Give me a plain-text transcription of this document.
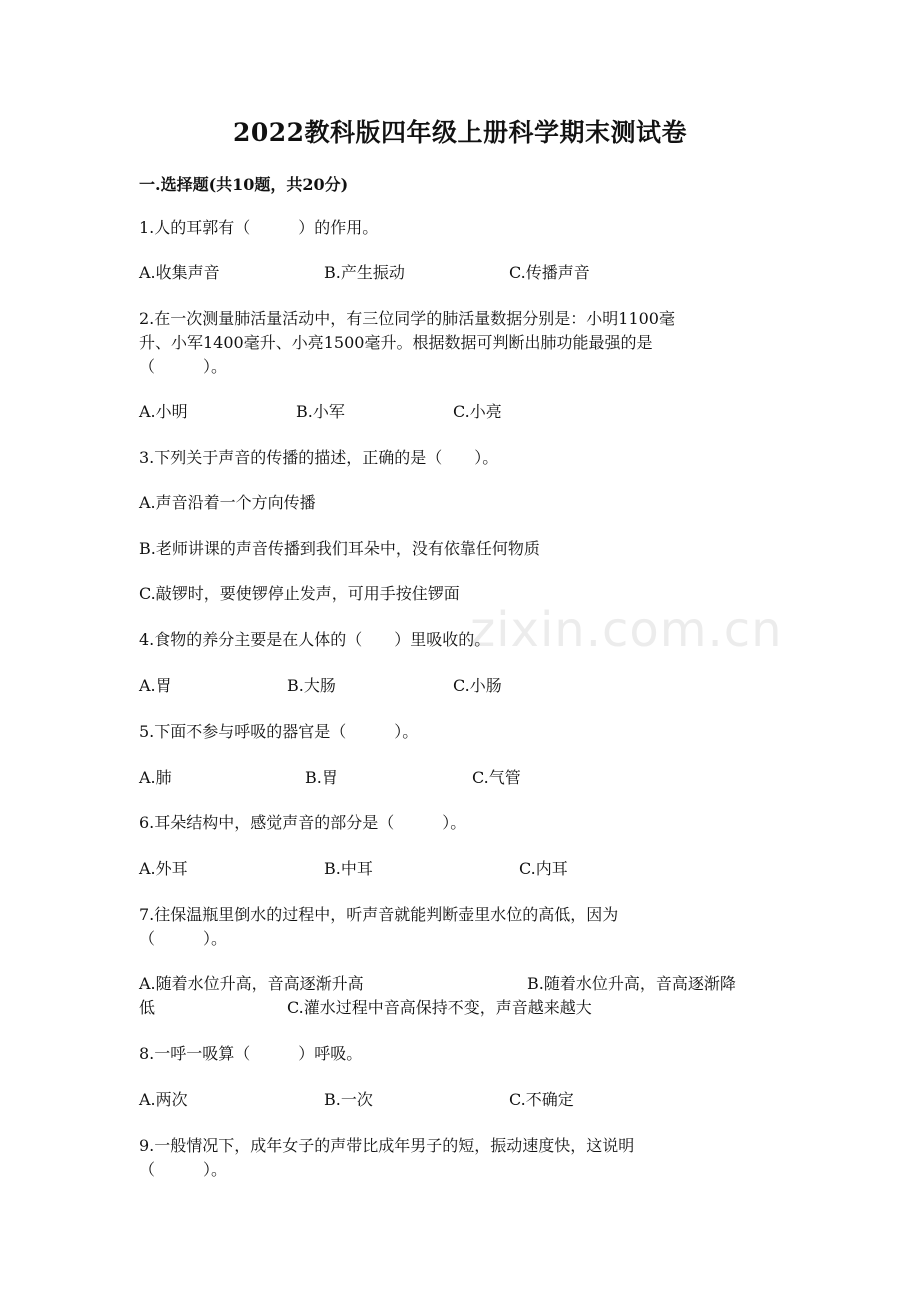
2022教科版四年级上册科学期末测试卷
一.选择题(共10题，共20分)
zixin.com.cn
1.人的耳郭有（　　　）的作用。
A.收集声音	B.产生振动	C.传播声音
2.在一次测量肺活量活动中，有三位同学的肺活量数据分别是：小明1100毫
升、小军1400毫升、小亮1500毫升。根据数据可判断出肺功能最强的是
（　　　）。
A.小明	B.小军	C.小亮
3.下列关于声音的传播的描述，正确的是（　　）。
A.声音沿着一个方向传播
B.老师讲课的声音传播到我们耳朵中，没有依靠任何物质
C.敲锣时，要使锣停止发声，可用手按住锣面
4.食物的养分主要是在人体的（　　）里吸收的。
A.胃	B.大肠	C.小肠
5.下面不参与呼吸的器官是（　　　）。
A.肺	B.胃	C.气管
6.耳朵结构中，感觉声音的部分是（　　　）。
A.外耳	B.中耳	C.内耳
7.往保温瓶里倒水的过程中，听声音就能判断壶里水位的高低，因为
（　　　）。
A.随着水位升高，音高逐渐升高	B.随着水位升高，音高逐渐降
低	C.灌水过程中音高保持不变，声音越来越大
8.一呼一吸算（　　　）呼吸。
A.两次	B.一次	C.不确定
9.一般情况下，成年女子的声带比成年男子的短，振动速度快，这说明
（　　　）。
